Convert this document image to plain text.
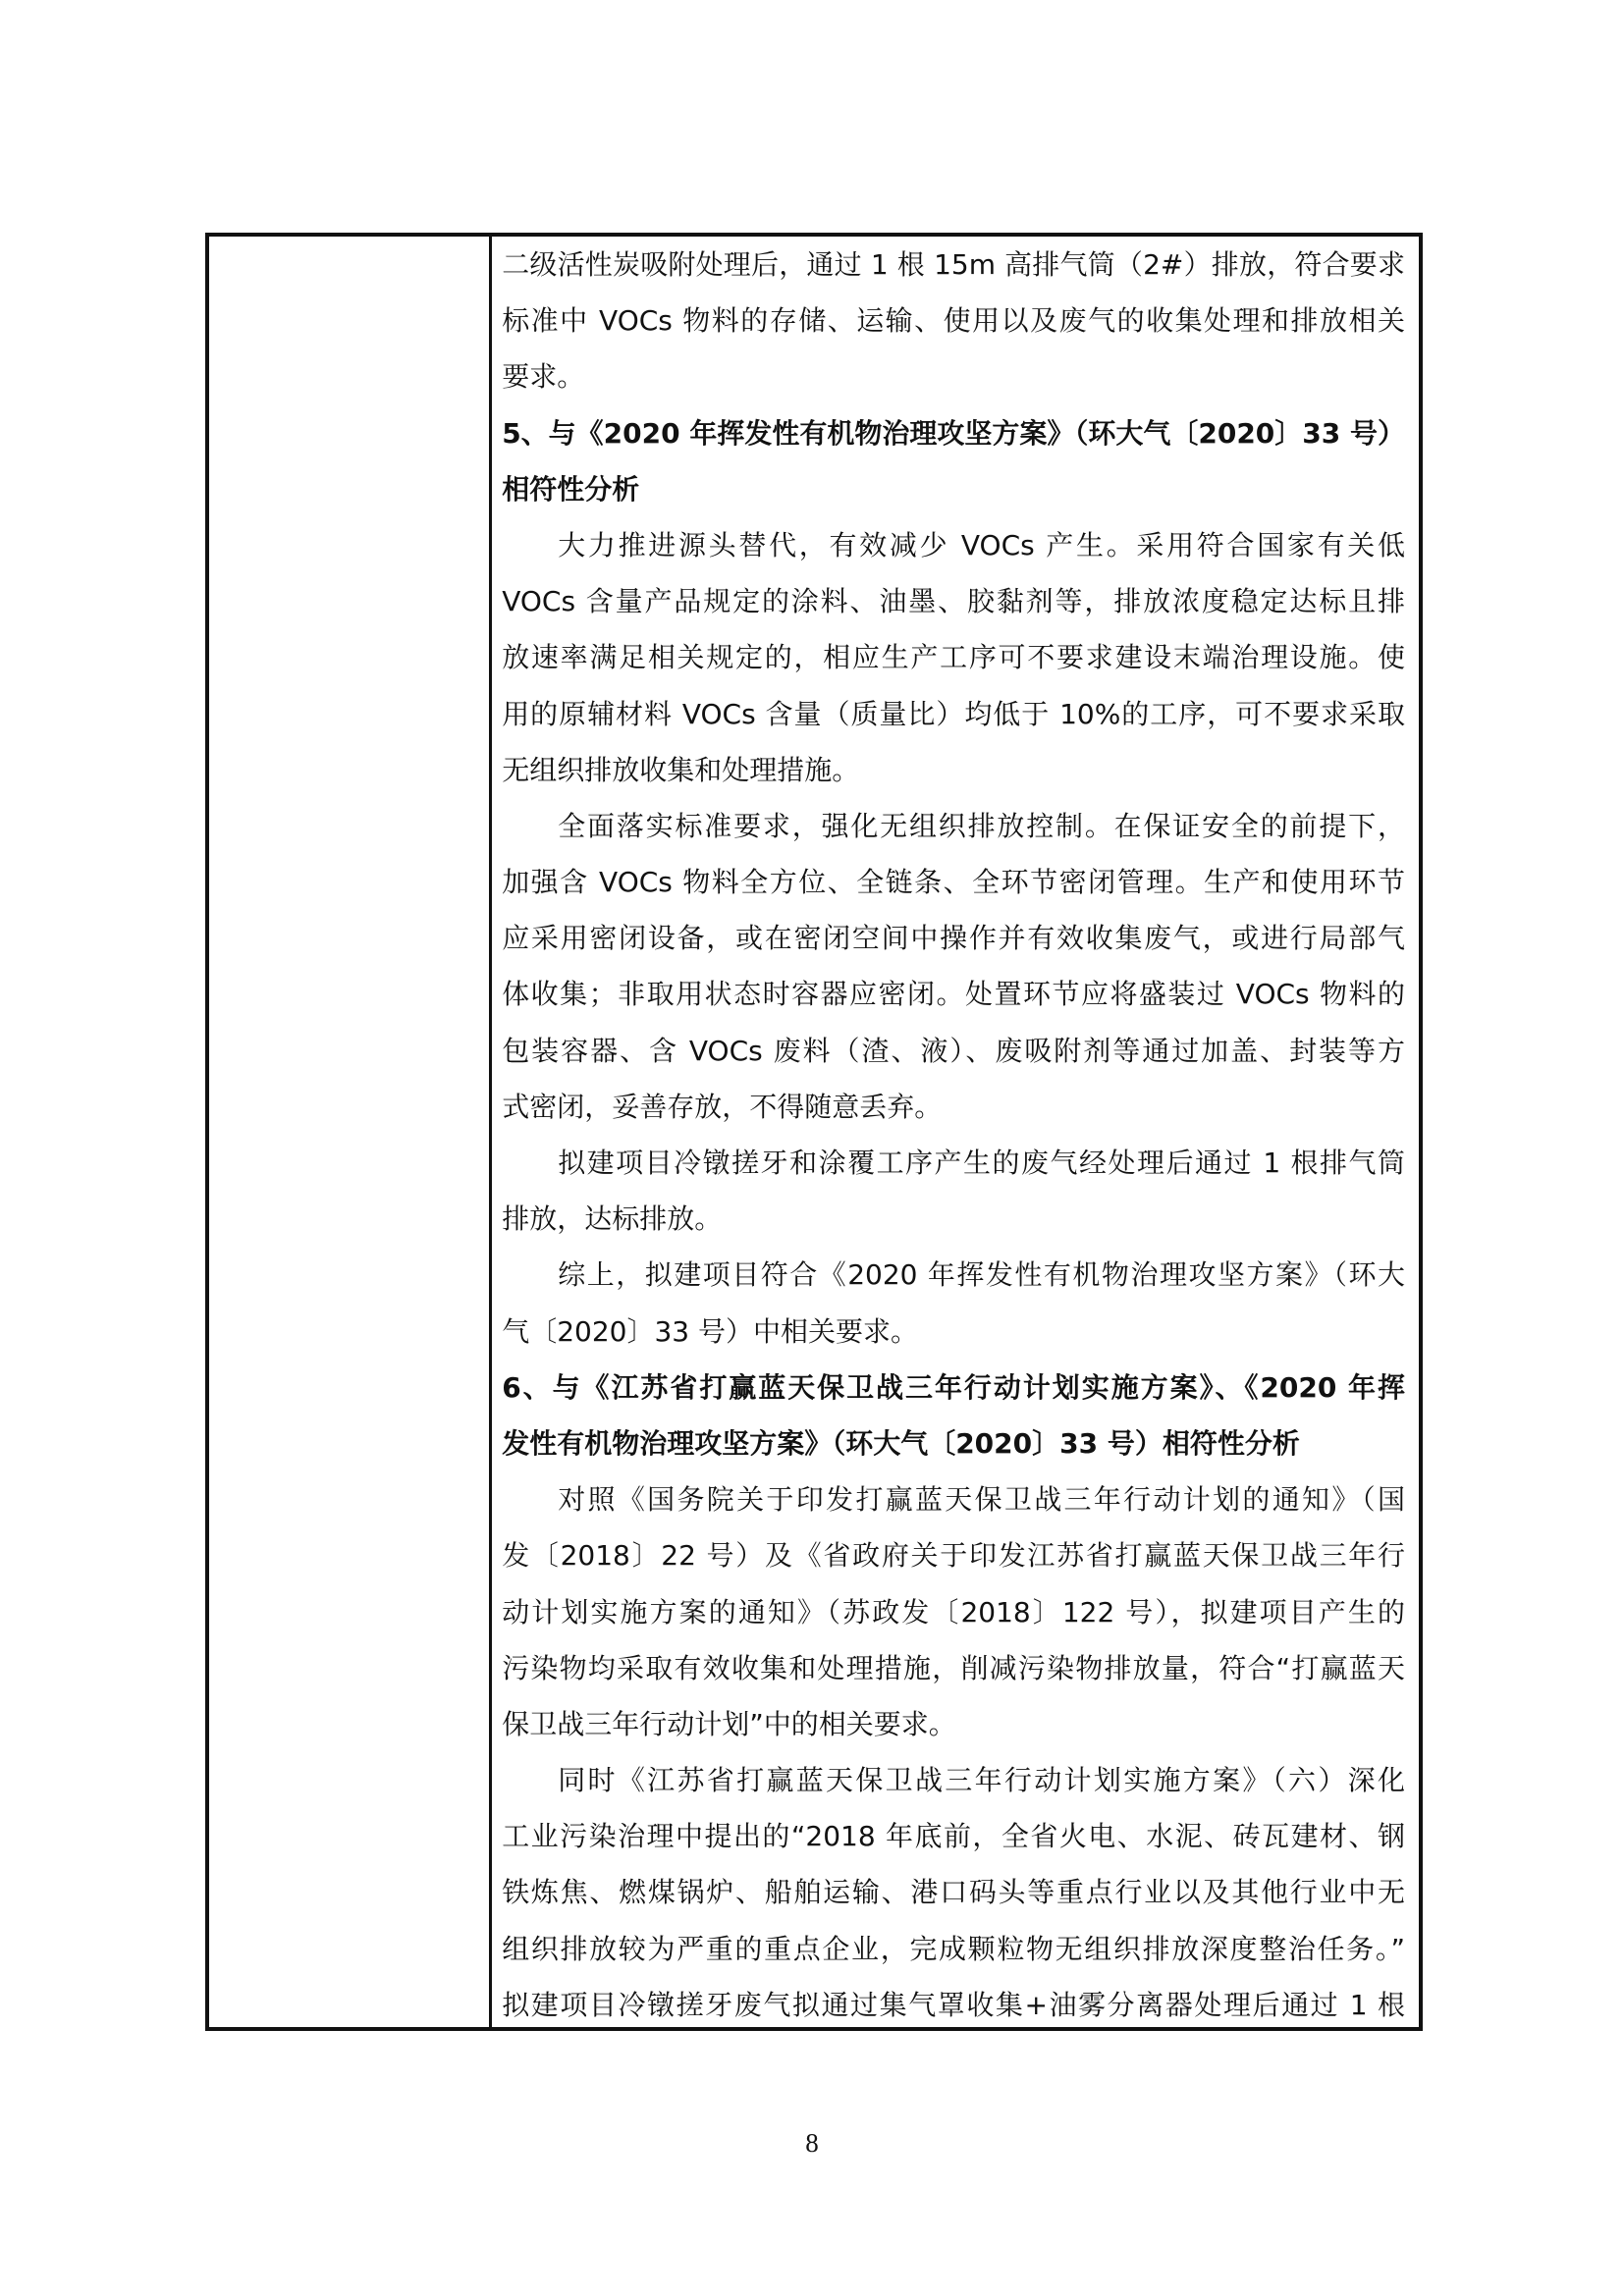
二级活性炭吸附处理后，通过 1 根 15m 高排气筒（2#）排放，符合要求
标准中 VOCs 物料的存储、运输、使用以及废气的收集处理和排放相关
要求。
5、与《2020 年挥发性有机物治理攻坚方案》（环大气〔2020〕33 号）
相符性分析
大力推进源头替代，有效减少 VOCs 产生。采用符合国家有关低
VOCs 含量产品规定的涂料、油墨、胶黏剂等，排放浓度稳定达标且排
放速率满足相关规定的，相应生产工序可不要求建设末端治理设施。使
用的原辅材料 VOCs 含量（质量比）均低于 10%的工序，可不要求采取
无组织排放收集和处理措施。
全面落实标准要求，强化无组织排放控制。在保证安全的前提下，
加强含 VOCs 物料全方位、全链条、全环节密闭管理。生产和使用环节
应采用密闭设备，或在密闭空间中操作并有效收集废气，或进行局部气
体收集；非取用状态时容器应密闭。处置环节应将盛装过 VOCs 物料的
包装容器、含 VOCs 废料（渣、液）、废吸附剂等通过加盖、封装等方
式密闭，妥善存放，不得随意丢弃。
拟建项目冷镦搓牙和涂覆工序产生的废气经处理后通过 1 根排气筒
排放，达标排放。
综上，拟建项目符合《2020 年挥发性有机物治理攻坚方案》（环大
气〔2020〕33 号）中相关要求。
6、与《江苏省打赢蓝天保卫战三年行动计划实施方案》、《2020 年挥
发性有机物治理攻坚方案》（环大气〔2020〕33 号）相符性分析
对照《国务院关于印发打赢蓝天保卫战三年行动计划的通知》（国
发〔2018〕22 号）及《省政府关于印发江苏省打赢蓝天保卫战三年行
动计划实施方案的通知》（苏政发〔2018〕122 号），拟建项目产生的
污染物均采取有效收集和处理措施，削减污染物排放量，符合“打赢蓝天
保卫战三年行动计划”中的相关要求。
同时《江苏省打赢蓝天保卫战三年行动计划实施方案》（六）深化
工业污染治理中提出的“2018 年底前，全省火电、水泥、砖瓦建材、钢
铁炼焦、燃煤锅炉、船舶运输、港口码头等重点行业以及其他行业中无
组织排放较为严重的重点企业，完成颗粒物无组织排放深度整治任务。”
拟建项目冷镦搓牙废气拟通过集气罩收集+油雾分离器处理后通过 1 根
8
